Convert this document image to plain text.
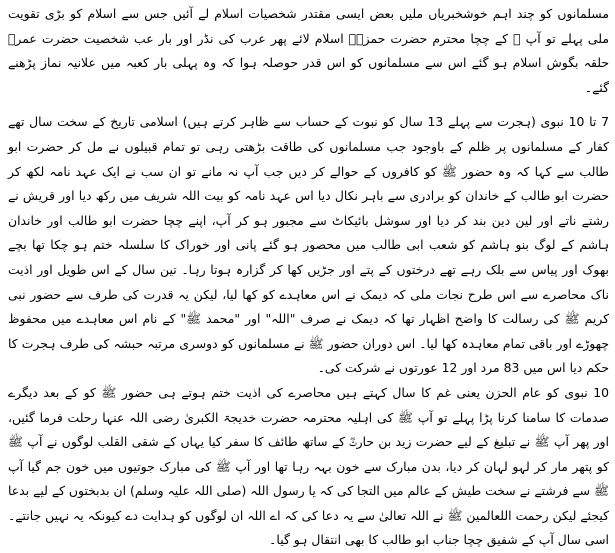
مسلمانوں کو چند اہم خوشخبریاں ملیں بعض ایسی مقتدر شخصیات اسلام لے آئیں جس سے اسلام کو بڑی تقویت ملی پہلے تو آپ ﷺ کے چچا محترم حضرت حمزہؓ اسلام لائے پھر عرب کی نڈر اور بار عب شخصیت حضرت عمرؓ حلقہ بگوش اسلام ہو گئے اس سے مسلمانوں کو اس قدر حوصلہ ہوا کہ وہ پہلی بار کعبہ میں علانیہ نماز پڑھنے گئے۔

7 تا 10 نبوی (ہجرت سے پہلے 13 سال کو نبوت کے حساب سے ظاہر کرتے ہیں) اسلامی تاریخ کے سخت سال تھے کفار کے مسلمانوں پر ظلم کے باوجود جب مسلمانوں کی طاقت بڑھتی رہی تو تمام قبیلوں نے مل کر حضرت ابو طالب سے کہا کہ وہ حضور ﷺ کو کافروں کے حوالے کر دیں جب آپ نہ مانے تو ان سب نے ایک عہد نامہ لکھ کر حضرت ابو طالب کے خاندان کو برادری سے باہر نکال دیا اس عہد نامہ کو بیت اللہ شریف میں رکھ دیا اور قریش نے رشتے ناتے اور لین دین بند کر دیا اور سوشل بائیکاٹ سے مجبور ہو کر آپ، اپنے چچا حضرت ابو طالب اور خاندان ہاشم کے لوگ بنو ہاشم کو شعب ابی طالب میں محصور ہو گئے پانی اور خوراک کا سلسلہ ختم ہو چکا تھا بچے بھوک اور پیاس سے بلک رہے تھے درختوں کے پتے اور جڑیں کھا کر گزارہ ہوتا رہا۔ تین سال کے اس طویل اور اذیت ناک محاصرے سے اس طرح نجات ملی کہ دیمک نے اس معاہدے کو کھا لیا، لیکن یہ قدرت کی طرف سے حضور نبی کریم ﷺ کی رسالت کا واضح اظہار تھا کہ دیمک نے صرف "اللہ" اور "محمد ﷺ" کے نام اس معاہدے میں محفوظ چھوڑے اور باقی تمام معاہدہ کھا لیا۔ اس دوران حضور ﷺ نے مسلمانوں کو دوسری مرتبہ حبشہ کی طرف ہجرت کا حکم دیا اس میں 83 مرد اور 12 عورتوں نے شرکت کی۔

10 نبوی کو عام الحزن یعنی غم کا سال کہتے ہیں محاصرے کی اذیت ختم ہوتے ہی حضور ﷺ کو کے بعد دیگرے صدمات کا سامنا کرنا پڑا پہلے تو آپ ﷺ کی اہلیہ محترمہ حضرت خدیجۃ الکبریٰ رضی اللہ عنہا رحلت فرما گئیں، اور پھر آپ ﷺ نے تبلیغ کے لیے حضرت زید بن حارثؓ کے ساتھ طائف کا سفر کیا یہاں کے شقی القلب لوگوں نے آپ ﷺ کو پتھر مار کر لہو لہان کر دیا، بدن مبارک سے خون بہہ رہا تھا اور آپ ﷺ کی مبارک جوتیوں میں خون جم گیا آپ ﷺ سے فرشتے نے سخت طیش کے عالم میں التجا کی کہ یا رسول اللہ (صلی اللہ علیہ وسلم) ان بدبختوں کے لیے بدعا کیجئے لیکن رحمت اللعالمین ﷺ نے اللہ تعالیٰ سے یہ دعا کی کہ اے اللہ ان لوگوں کو ہدایت دے کیونکہ یہ نہیں جانتے۔ اسی سال آپ کے شفیق چچا جناب ابو طالب کا بھی انتقال ہو گیا۔
